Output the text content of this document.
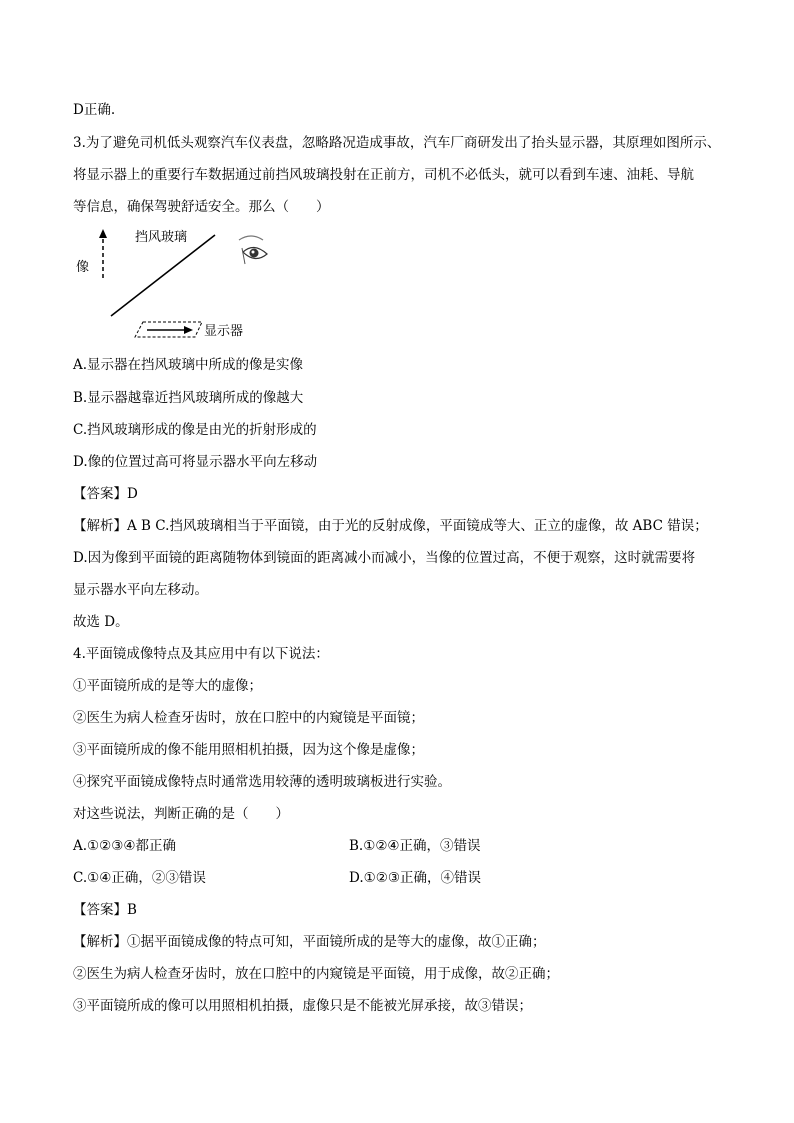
D正确.
3.为了避免司机低头观察汽车仪表盘，忽略路况造成事故，汽车厂商研发出了抬头显示器，其原理如图所示、
将显示器上的重要行车数据通过前挡风玻璃投射在正前方，司机不必低头，就可以看到车速、油耗、导航
等信息，确保驾驶舒适安全。那么（　　）
挡风玻璃
像
显示器
A.显示器在挡风玻璃中所成的像是实像
B.显示器越靠近挡风玻璃所成的像越大
C.挡风玻璃形成的像是由光的折射形成的
D.像的位置过高可将显示器水平向左移动
【答案】D
【解析】A B C.挡风玻璃相当于平面镜，由于光的反射成像，平面镜成等大、正立的虚像，故 ABC 错误；
D.因为像到平面镜的距离随物体到镜面的距离减小而减小，当像的位置过高，不便于观察，这时就需要将
显示器水平向左移动。
故选 D。
4.平面镜成像特点及其应用中有以下说法：
①平面镜所成的是等大的虚像；
②医生为病人检查牙齿时，放在口腔中的内窥镜是平面镜；
③平面镜所成的像不能用照相机拍摄，因为这个像是虚像；
④探究平面镜成像特点时通常选用较薄的透明玻璃板进行实验。
对这些说法，判断正确的是（　　）
A.①②③④都正确	B.①②④正确，③错误
C.①④正确，②③错误	D.①②③正确，④错误
【答案】B
【解析】①据平面镜成像的特点可知，平面镜所成的是等大的虚像，故①正确；
②医生为病人检查牙齿时，放在口腔中的内窥镜是平面镜，用于成像，故②正确；
③平面镜所成的像可以用照相机拍摄，虚像只是不能被光屏承接，故③错误；
